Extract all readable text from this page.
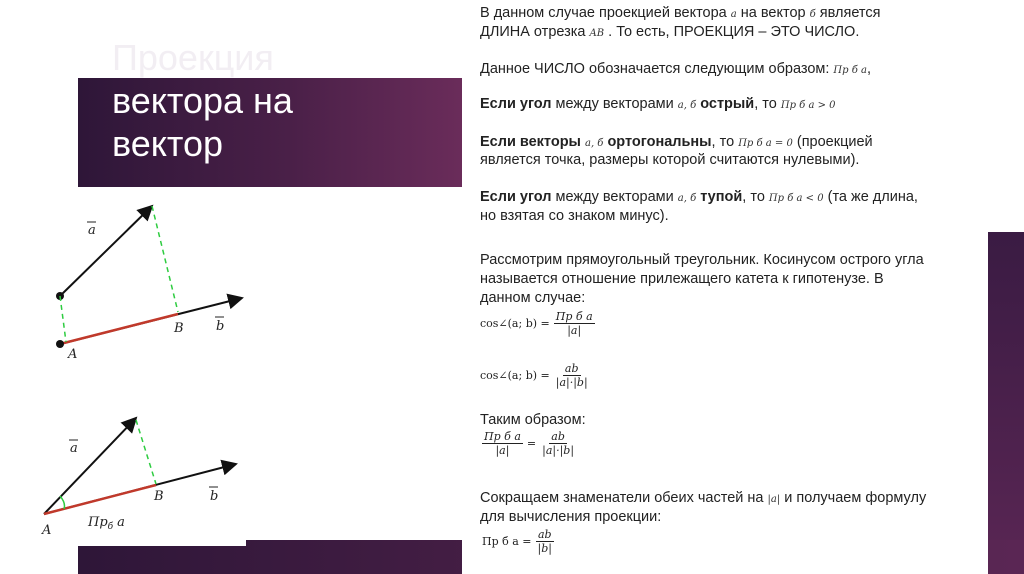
Проекция
вектора на
вектор
a
b
A
B
a
b
A
B
$Пр_б$ a
В данном случае проекцией вектора a на вектор б является
ДЛИНА отрезка AB . То есть, ПРОЕКЦИЯ – ЭТО ЧИСЛО.
Данное ЧИСЛО обозначается следующим образом: Пр б a,
Если угол между векторами a, б острый, то Пр б a > 0
Если векторы a, б ортогональны, то Пр б a = 0 (проекцией
является точка, размеры которой считаются нулевыми).
Если угол между векторами a, б тупой, то Пр б a < 0 (та же длина,
но взятая со знаком минус).
Рассмотрим прямоугольный треугольник. Косинусом острого угла
называется отношение прилежащего катета к гипотенузе. В
данном случае:
cos∠(a; $b) = \frac{\text{Пр б a}}{|a|}$
cos∠(a; $b) = \frac{ab}{|a|\cdot|b|}$
Таким образом:
$\frac{\text{Пр б a}}{|a|} = \frac{ab}{|a|\cdot|b|}$
Сокращаем знаменатели обеих частей на |a| и получаем формулу
для вычисления проекции:
Пр б $a = \frac{ab}{|b|}$
